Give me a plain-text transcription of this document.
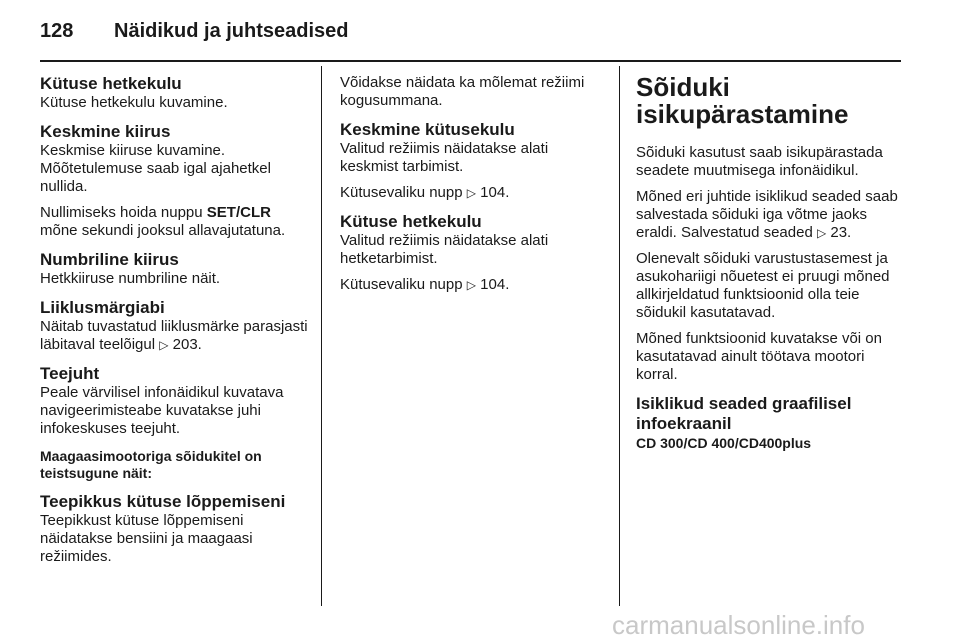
128 Näidikud ja juhtseadised

Kütuse hetkekulu

Kütuse hetkekulu kuvamine.

Keskmine kiirus

Keskmise kiiruse kuvamine. Mõõtetulemuse saab igal ajahetkel nullida.

Nullimiseks hoida nuppu SET/CLR mõne sekundi jooksul allavajutatuna.

Numbriline kiirus

Hetkkiiruse numbriline näit.

Liiklusmärgiabi

Näitab tuvastatud liiklusmärke parasjasti läbitaval teelõigul ▷ 203.

Teejuht

Peale värvilisel infonäidikul kuvatava navigeerimisteabe kuvatakse juhi infokeskuses teejuht.

Maagaasimootoriga sõidukitel on teistsugune näit:

Teepikkus kütuse lõppemiseni

Teepikkust kütuse lõppemiseni näidatakse bensiini ja maagaasi režiimides.

Võidakse näidata ka mõlemat režiimi kogusummana.

Keskmine kütusekulu

Valitud režiimis näidatakse alati keskmist tarbimist.

Kütusevaliku nupp ▷ 104.

Kütuse hetkekulu

Valitud režiimis näidatakse alati hetketarbimist.

Kütusevaliku nupp ▷ 104.

Sõiduki isikupärastamine

Sõiduki kasutust saab isikupärastada seadete muutmisega infonäidikul.

Mõned eri juhtide isiklikud seaded saab salvestada sõiduki iga võtme jaoks eraldi. Salvestatud seaded ▷ 23.

Olenevalt sõiduki varustustasemest ja asukohariigi nõuetest ei pruugi mõned allkirjeldatud funktsioonid olla teie sõidukil kasutatavad.

Mõned funktsioonid kuvatakse või on kasutatavad ainult töötava mootori korral.

Isiklikud seaded graafilisel infoekraanil

CD 300/CD 400/CD400plus

carmanualsonline.info
